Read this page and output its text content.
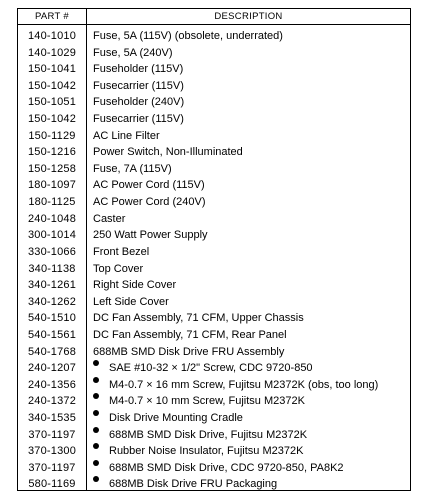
PART #	DESCRIPTION
140-1010	Fuse, 5A (115V) (obsolete, underrated)
140-1029	Fuse, 5A (240V)
150-1041	Fuseholder (115V)
150-1042	Fusecarrier (115V)
150-1051	Fuseholder (240V)
150-1042	Fusecarrier (115V)
150-1129	AC Line Filter
150-1216	Power Switch, Non-Illuminated
150-1258	Fuse, 7A (115V)
180-1097	AC Power Cord (115V)
180-1125	AC Power Cord (240V)
240-1048	Caster
300-1014	250 Watt Power Supply
330-1066	Front Bezel
340-1138	Top Cover
340-1261	Right Side Cover
340-1262	Left Side Cover
540-1510	DC Fan Assembly, 71 CFM, Upper Chassis
540-1561	DC Fan Assembly, 71 CFM, Rear Panel
540-1768	688MB SMD Disk Drive FRU Assembly
240-1207	SAE #10-32 × 1/2" Screw, CDC 9720-850
240-1356	M4-0.7 × 16 mm Screw, Fujitsu M2372K (obs, too long)
240-1372	M4-0.7 × 10 mm Screw, Fujitsu M2372K
340-1535	Disk Drive Mounting Cradle
370-1197	688MB SMD Disk Drive, Fujitsu M2372K
370-1300	Rubber Noise Insulator, Fujitsu M2372K
370-1197	688MB SMD Disk Drive, CDC 9720-850, PA8K2
580-1169	688MB Disk Drive FRU Packaging
